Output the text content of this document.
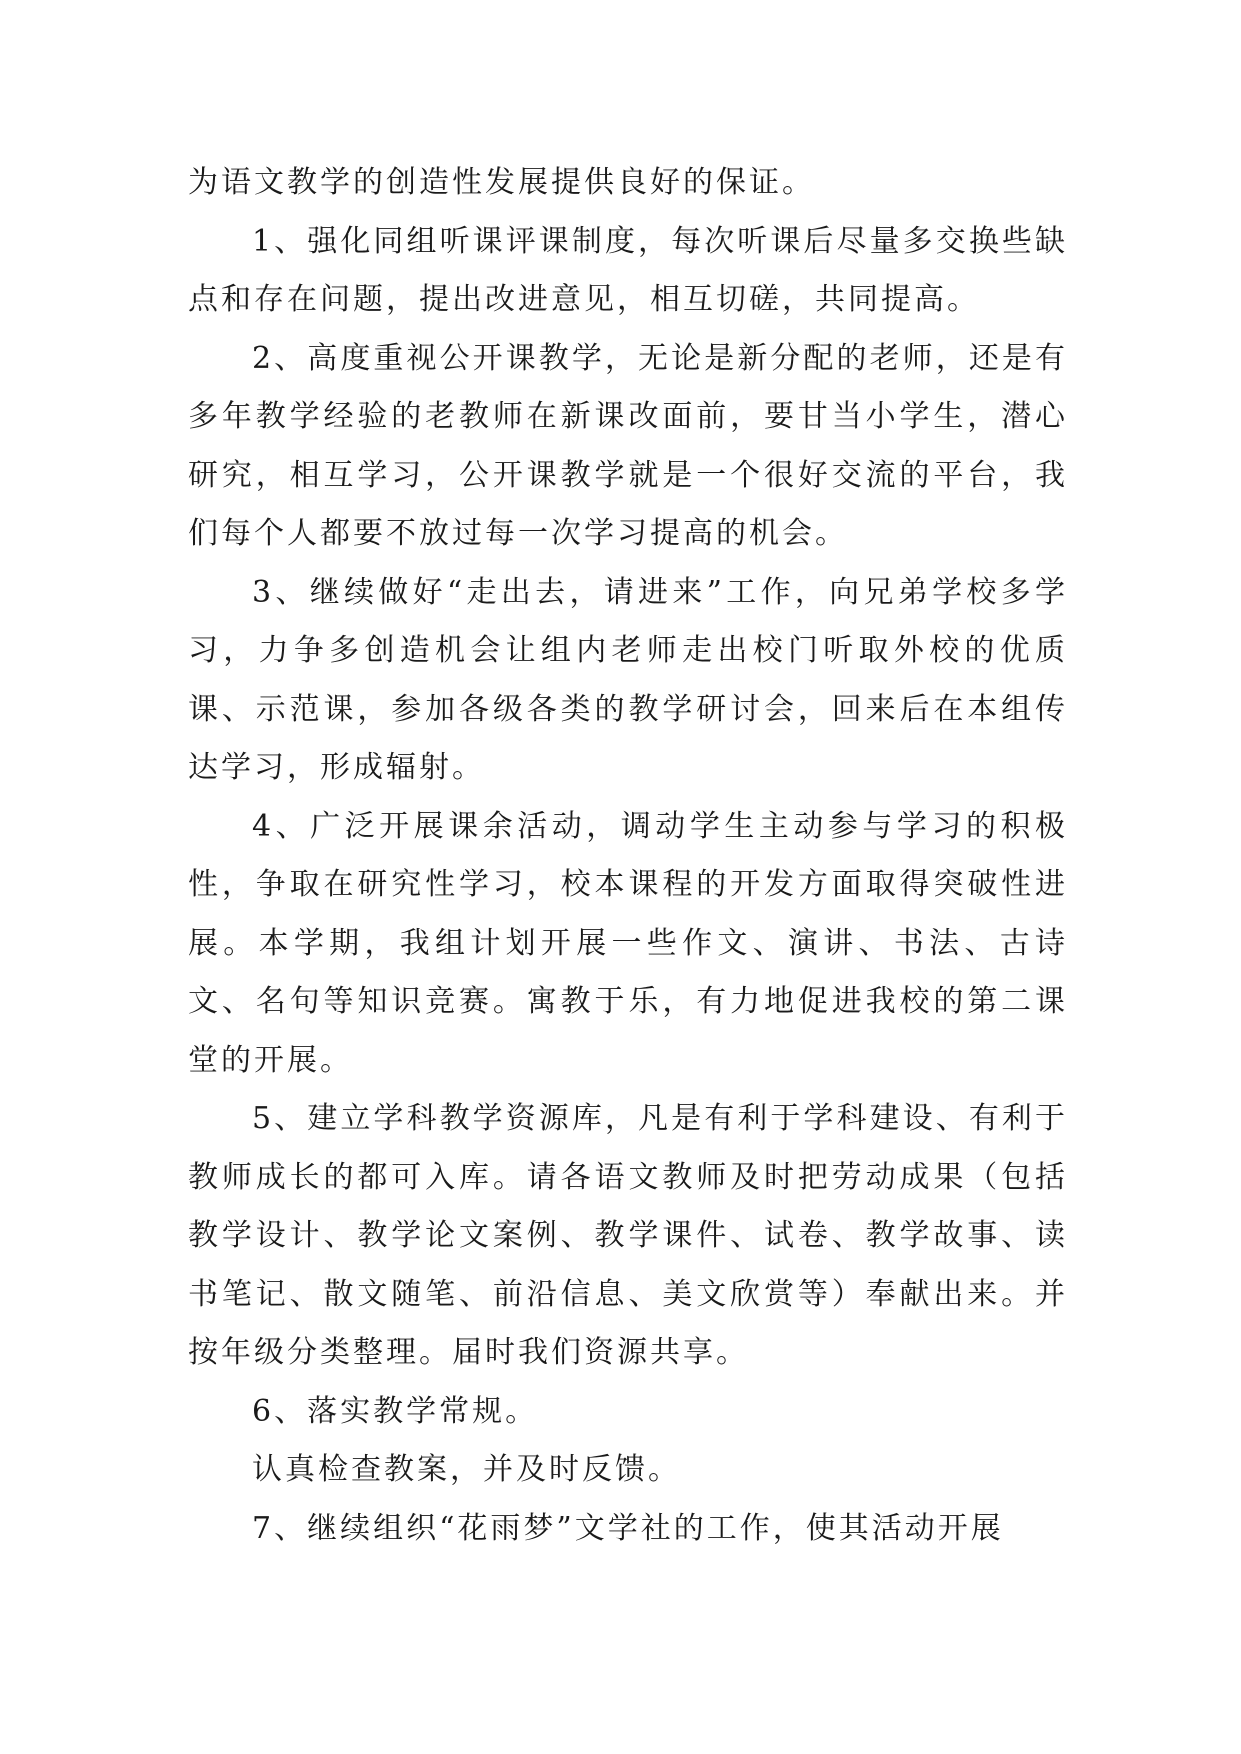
为语文教学的创造性发展提供良好的保证。

1、强化同组听课评课制度，每次听课后尽量多交换些缺点和存在问题，提出改进意见，相互切磋，共同提高。

2、高度重视公开课教学，无论是新分配的老师，还是有多年教学经验的老教师在新课改面前，要甘当小学生，潜心研究，相互学习，公开课教学就是一个很好交流的平台，我们每个人都要不放过每一次学习提高的机会。

3、继续做好“走出去，请进来”工作，向兄弟学校多学习，力争多创造机会让组内老师走出校门听取外校的优质课、示范课，参加各级各类的教学研讨会，回来后在本组传达学习，形成辐射。

4、广泛开展课余活动，调动学生主动参与学习的积极性，争取在研究性学习，校本课程的开发方面取得突破性进展。本学期，我组计划开展一些作文、演讲、书法、古诗文、名句等知识竞赛。寓教于乐，有力地促进我校的第二课堂的开展。

5、建立学科教学资源库，凡是有利于学科建设、有利于教师成长的都可入库。请各语文教师及时把劳动成果（包括教学设计、教学论文案例、教学课件、试卷、教学故事、读书笔记、散文随笔、前沿信息、美文欣赏等）奉献出来。并按年级分类整理。届时我们资源共享。

6、落实教学常规。

认真检查教案，并及时反馈。

7、继续组织“花雨梦”文学社的工作，使其活动开展
